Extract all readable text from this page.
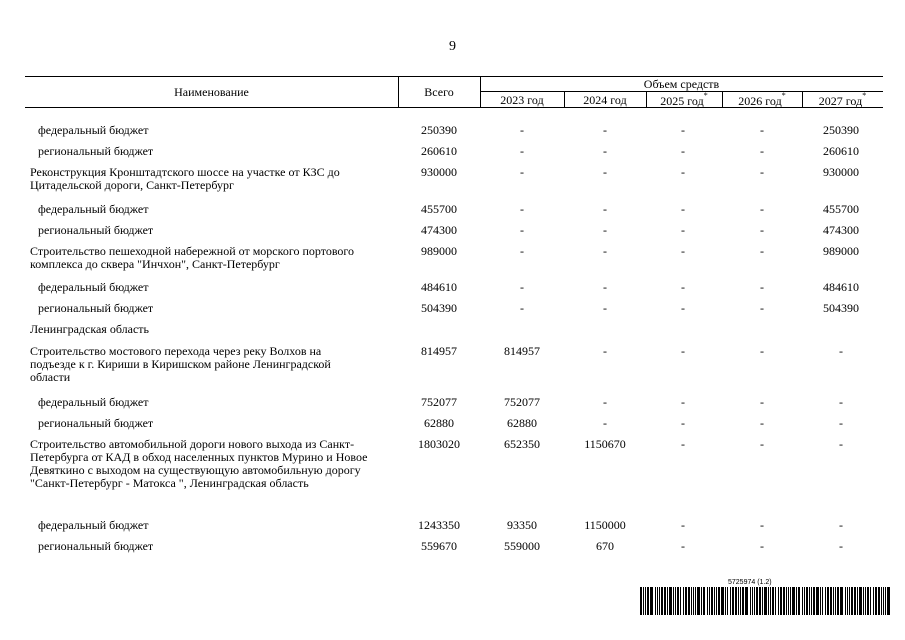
9
Наименование	Всего
Объем средств
2023 год	2024 год	2025 год*	2026 год*	2027 год*
федеральный бюджет	250390	-	-	-	-	250390
региональный бюджет	260610	-	-	-	-	260610
Реконструкция Кронштадтского шоссе на участке от КЗС до Цитадельской дороги, Санкт-Петербург
930000	-	-	-	-	930000
федеральный бюджет	455700	-	-	-	-	455700
региональный бюджет	474300	-	-	-	-	474300
Строительство пешеходной набережной от морского портового комплекса до сквера "Инчхон", Санкт-Петербург
989000	-	-	-	-	989000
федеральный бюджет	484610	-	-	-	-	484610
региональный бюджет	504390	-	-	-	-	504390
Ленинградская область
Строительство мостового перехода через реку Волхов на подъезде к г. Кириши в Киришском районе Ленинградской области
814957	814957	-	-	-	-
федеральный бюджет	752077	752077	-	-	-	-
региональный бюджет	62880	62880	-	-	-	-
Строительство автомобильной дороги нового выхода из Санкт-Петербурга от КАД в обход населенных пунктов Мурино и Новое Девяткино с выходом на существующую автомобильную дорогу "Санкт-Петербург - Матокса ", Ленинградская область
1803020	652350	1150670	-	-	-
федеральный бюджет	1243350	93350	1150000	-	-	-
региональный бюджет	559670	559000	670	-	-	-
5725974 (1.2)
